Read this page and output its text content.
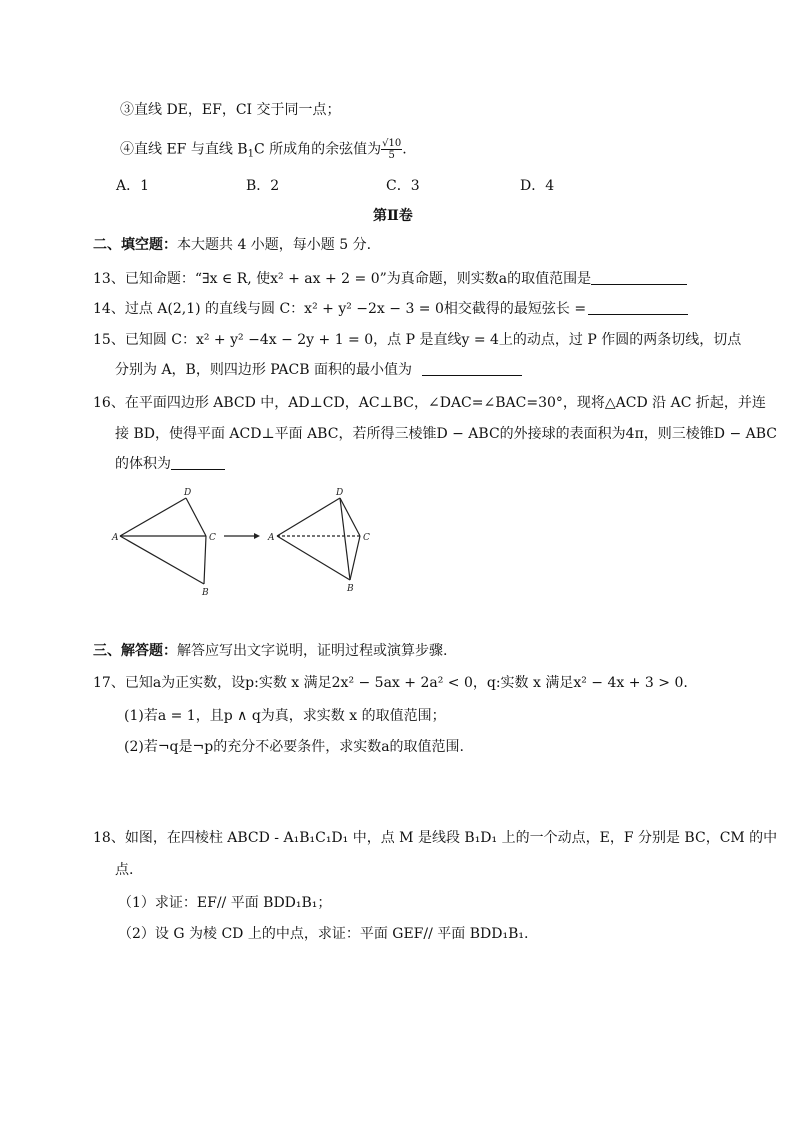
③直线 DE，EF，CI 交于同一点；
④直线 EF 与直线 $B_1C$ 所成角的余弦值为 $\frac{√10}{5}$ .
A．1	B．2	C．3	D．4
第Ⅱ卷
二、填空题：本大题共 4 小题，每小题 5 分.
13、已知命题：“∃x ∈ R, 使x² + ax + 2 = 0”为真命题，则实数a的取值范围是
14、过点 A(2,1) 的直线与圆 C：x² + y² −2x − 3 = 0相交截得的最短弦长 =
15、已知圆 C：x² + y² −4x − 2y + 1 = 0，点 P 是直线y = 4上的动点，过 P 作圆的两条切线，切点
分别为 A，B，则四边形 PACB 面积的最小值为
16、在平面四边形 ABCD 中，AD⊥CD，AC⊥BC，∠DAC=∠BAC=30°，现将△ACD 沿 AC 折起，并连
接 BD，使得平面 ACD⊥平面 ABC，若所得三棱锥D − ABC的外接球的表面积为4π，则三棱锥D − ABC
的体积为
A
D
C
B
A
D
C
B
三、解答题：解答应写出文字说明，证明过程或演算步骤.
17、已知a为正实数，设p:实数 x 满足2x² − 5ax + 2a² < 0，q:实数 x 满足x² − 4x + 3 > 0.
(1)若a = 1，且p ∧ q为真，求实数 x 的取值范围；
(2)若¬q是¬p的充分不必要条件，求实数a的取值范围.
18、如图，在四棱柱 ABCD - A₁B₁C₁D₁ 中，点 M 是线段 B₁D₁ 上的一个动点，E，F 分别是 BC，CM 的中
点.
（1）求证：EF// 平面 BDD₁B₁；
（2）设 G 为棱 CD 上的中点，求证：平面 GEF// 平面 BDD₁B₁.
